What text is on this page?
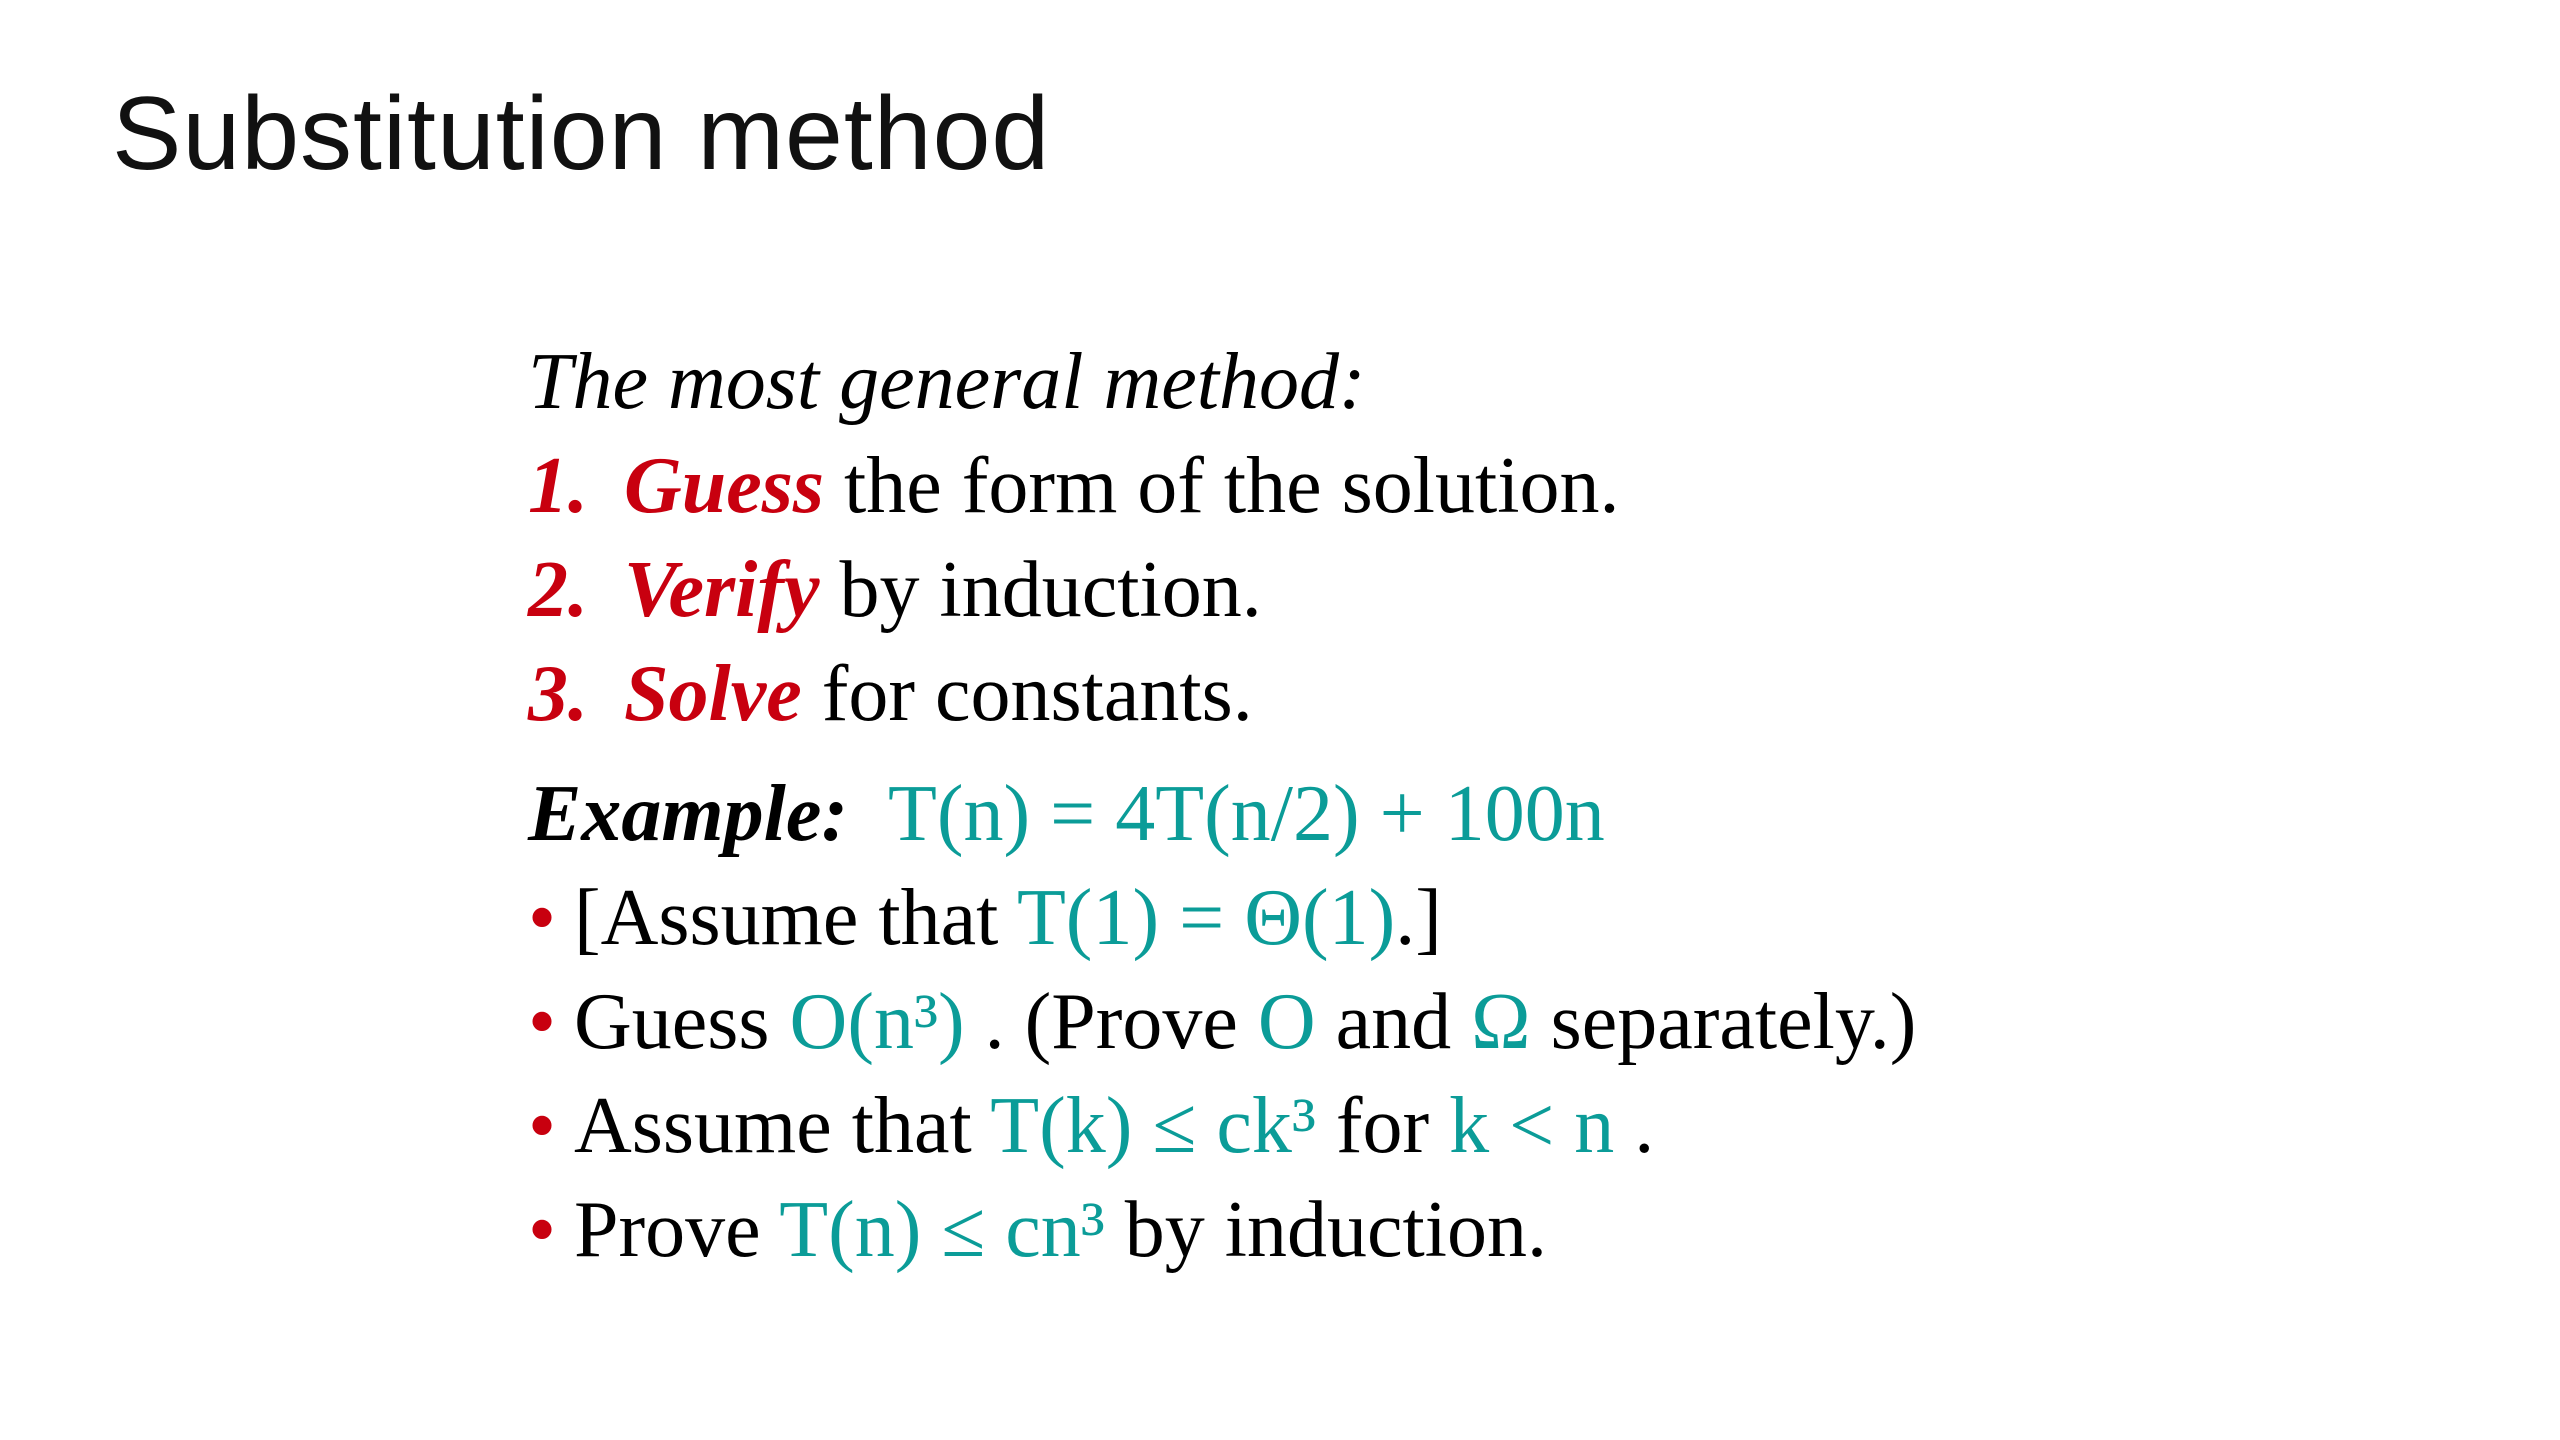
Substitution method
The most general method:
1. Guess the form of the solution.
2. Verify by induction.
3. Solve for constants.
Example: T(n) = 4T(n/2) + 100n
• [Assume that T(1) = Θ(1).]
• Guess O(n³) . (Prove O and Ω separately.)
• Assume that T(k) ≤ ck³ for k < n .
• Prove T(n) ≤ cn³ by induction.
